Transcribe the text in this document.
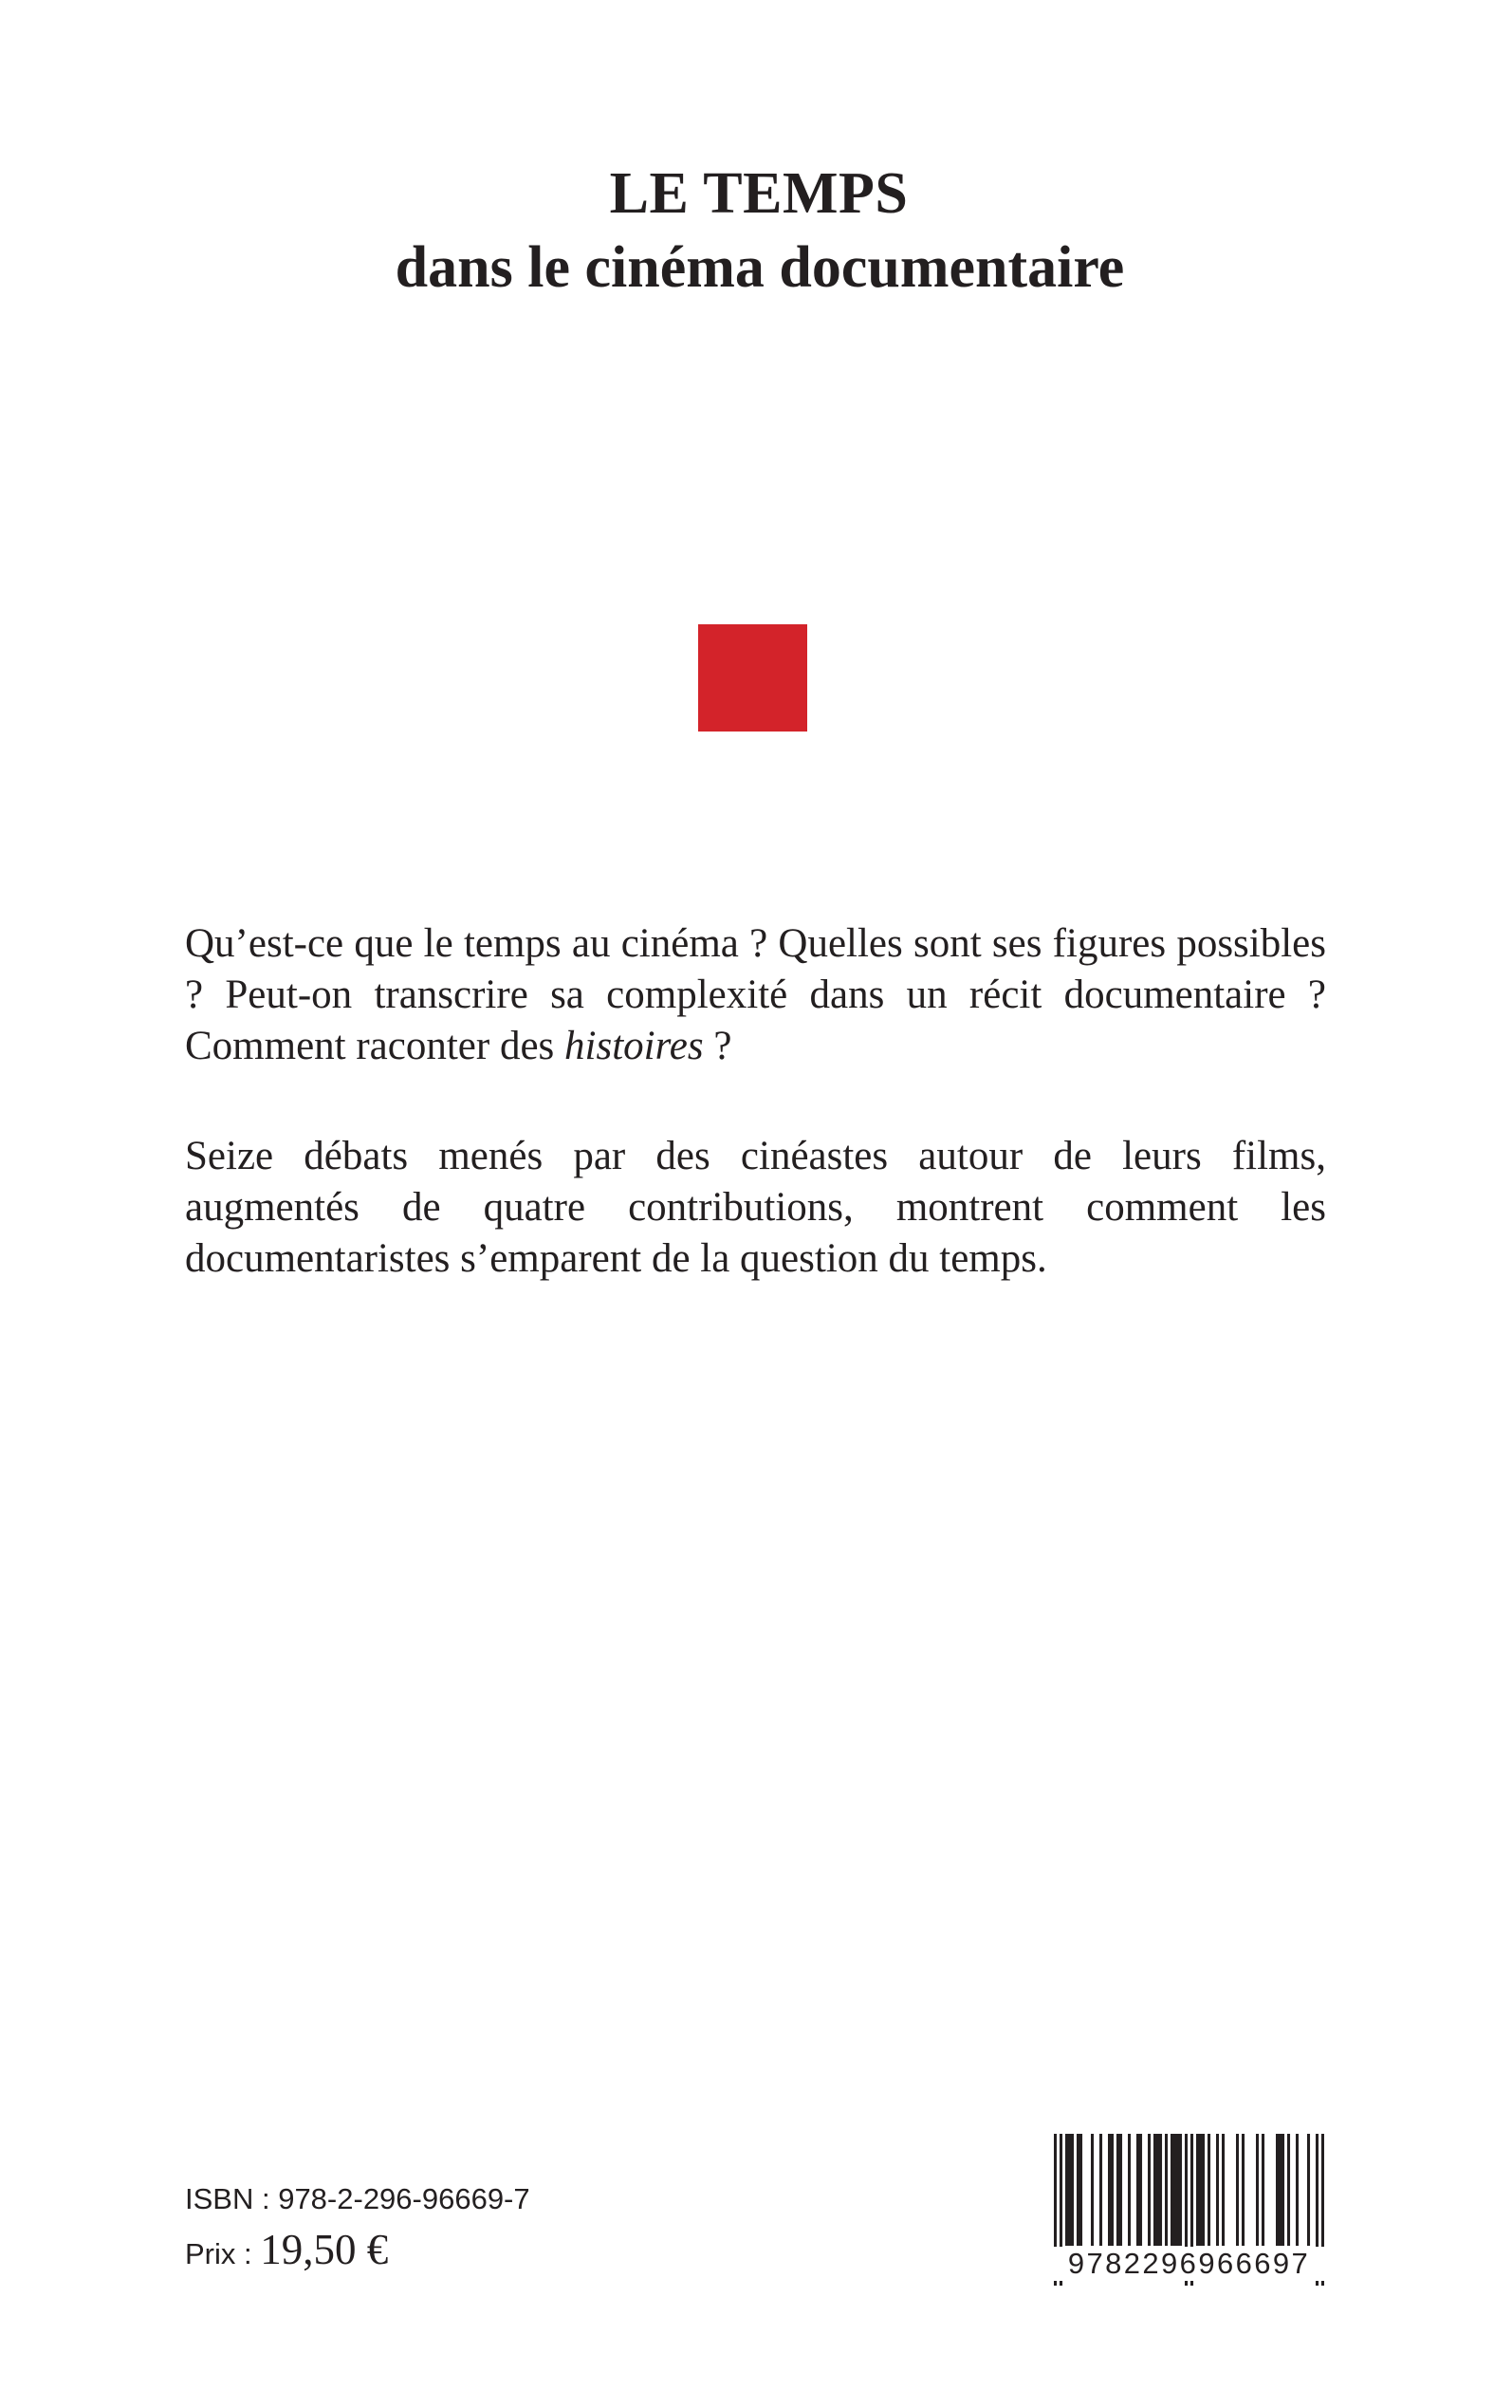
LE TEMPS
dans le cinéma documentaire

Qu’est-ce que le temps au cinéma ? Quelles sont ses figures possibles ? Peut-on transcrire sa complexité dans un récit documentaire ? Comment raconter des histoires ?

Seize débats menés par des cinéastes autour de leurs films, augmentés de quatre contributions, montrent comment les documentaristes s’emparent de la question du temps.

ISBN : 978-2-296-96669-7
Prix : 19,50 €	9782296966697
